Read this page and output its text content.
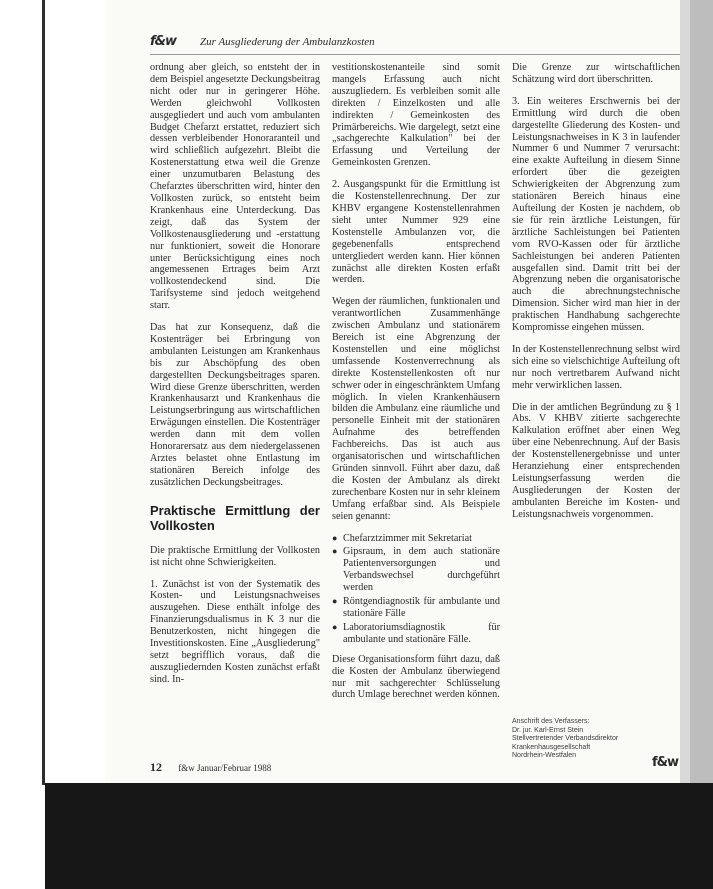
f&w Zur Ausgliederung der Ambulanzkosten

ordnung aber gleich, so entsteht der in dem Beispiel angesetzte Deckungsbeitrag nicht oder nur in geringerer Höhe. Werden gleichwohl Vollkosten ausgegliedert und auch vom ambulanten Budget Chefarzt erstattet, reduziert sich dessen verbleibender Honoraranteil und wird schließlich aufgezehrt. Bleibt die Kostenerstattung etwa weil die Grenze einer unzumutbaren Belastung des Chefarztes überschritten wird, hinter den Vollkosten zurück, so entsteht beim Krankenhaus eine Unterdeckung. Das zeigt, daß das System der Vollkostenausgliederung und -erstattung nur funktioniert, soweit die Honorare unter Berücksichtigung eines noch angemessenen Ertrages beim Arzt vollkostendeckend sind. Die Tarifsysteme sind jedoch weitgehend starr.

Das hat zur Konsequenz, daß die Kostenträger bei Erbringung von ambulanten Leistungen am Krankenhaus bis zur Abschöpfung des oben dargestellten Deckungsbeitrages sparen. Wird diese Grenze überschritten, werden Krankenhausarzt und Krankenhaus die Leistungserbringung aus wirtschaftlichen Erwägungen einstellen. Die Kostenträger werden dann mit dem vollen Honorarersatz aus dem niedergelassenen Arztes belastet ohne Entlastung im stationären Bereich infolge des zusätzlichen Deckungsbeitrages.

Praktische Ermittlung der Vollkosten

Die praktische Ermittlung der Vollkosten ist nicht ohne Schwierigkeiten.

1. Zunächst ist von der Systematik des Kosten- und Leistungsnachweises auszugehen. Diese enthält infolge des Finanzierungsdualismus in K 3 nur die Benutzerkosten, nicht hingegen die Investitionskosten. Eine „Ausgliederung" setzt begrifflich voraus, daß die auszugliedernden Kosten zunächst erfaßt sind. In-

vestitionskostenanteile sind somit mangels Erfassung auch nicht auszugliedern. Es verbleiben somit alle direkten / Einzelkosten und alle indirekten / Gemeinkosten des Primärbereichs. Wie dargelegt, setzt eine „sachgerechte Kalkulation" bei der Erfassung und Verteilung der Gemeinkosten Grenzen.

2. Ausgangspunkt für die Ermittlung ist die Kostenstellenrechnung. Der zur KHBV ergangene Kostenstellenrahmen sieht unter Nummer 929 eine Kostenstelle Ambulanzen vor, die gegebenenfalls entsprechend untergliedert werden kann. Hier können zunächst alle direkten Kosten erfaßt werden.

Wegen der räumlichen, funktionalen und verantwortlichen Zusammenhänge zwischen Ambulanz und stationärem Bereich ist eine Abgrenzung der Kostenstellen und eine möglichst umfassende Kostenverrechnung als direkte Kostenstellenkosten oft nur schwer oder in eingeschränktem Umfang möglich. In vielen Krankenhäusern bilden die Ambulanz eine räumliche und personelle Einheit mit der stationären Aufnahme des betreffenden Fachbereichs. Das ist auch aus organisatorischen und wirtschaftlichen Gründen sinnvoll. Führt aber dazu, daß die Kosten der Ambulanz als direkt zurechenbare Kosten nur in sehr kleinem Umfang erfaßbar sind. Als Beispiele seien genannt:

● Chefarztzimmer mit Sekretariat
● Gipsraum, in dem auch stationäre Patientenversorgungen und Verbandswechsel durchgeführt werden
● Röntgendiagnostik für ambulante und stationäre Fälle
● Laboratoriumsdiagnostik für ambulante und stationäre Fälle.

Diese Organisationsform führt dazu, daß die Kosten der Ambulanz überwiegend nur mit sachgerechter Schlüsselung durch Umlage berechnet werden können.

Die Grenze zur wirtschaftlichen Schätzung wird dort überschritten.

3. Ein weiteres Erschwernis bei der Ermittlung wird durch die oben dargestellte Gliederung des Kosten- und Leistungsnachweises in K 3 in laufender Nummer 6 und Nummer 7 verursacht: eine exakte Aufteilung in diesem Sinne erfordert über die gezeigten Schwierigkeiten der Abgrenzung zum stationären Bereich hinaus eine Aufteilung der Kosten je nachdem, ob sie für rein ärztliche Leistungen, für ärztliche Sachleistungen bei Patienten vom RVO-Kassen oder für ärztliche Sachleistungen bei anderen Patienten ausgefallen sind. Damit tritt bei der Abgrenzung neben die organisatorische auch die abrechnungstechnische Dimension. Sicher wird man hier in der praktischen Handhabung sachgerechte Kompromisse eingehen müssen.

In der Kostenstellenrechnung selbst wird sich eine so vielschichtige Aufteilung oft nur noch vertretbarem Aufwand nicht mehr verwirklichen lassen.

Die in der amtlichen Begründung zu § 1 Abs. V KHBV zitierte sachgerechte Kalkulation eröffnet aber einen Weg über eine Nebenrechnung. Auf der Basis der Kostenstellenergebnisse und unter Heranziehung einer entsprechenden Leistungserfassung werden die Ausgliederungen der Kosten der ambulanten Bereiche im Kosten- und Leistungsnachweis vorgenommen.

Anschrift des Verfassers:
Dr. jur. Karl-Ernst Stein
Stellvertretender Verbandsdirektor
Krankenhausgesellschaft
Nordrhein-Westfalen
12 f&w Januar/Februar 1988	f&w
